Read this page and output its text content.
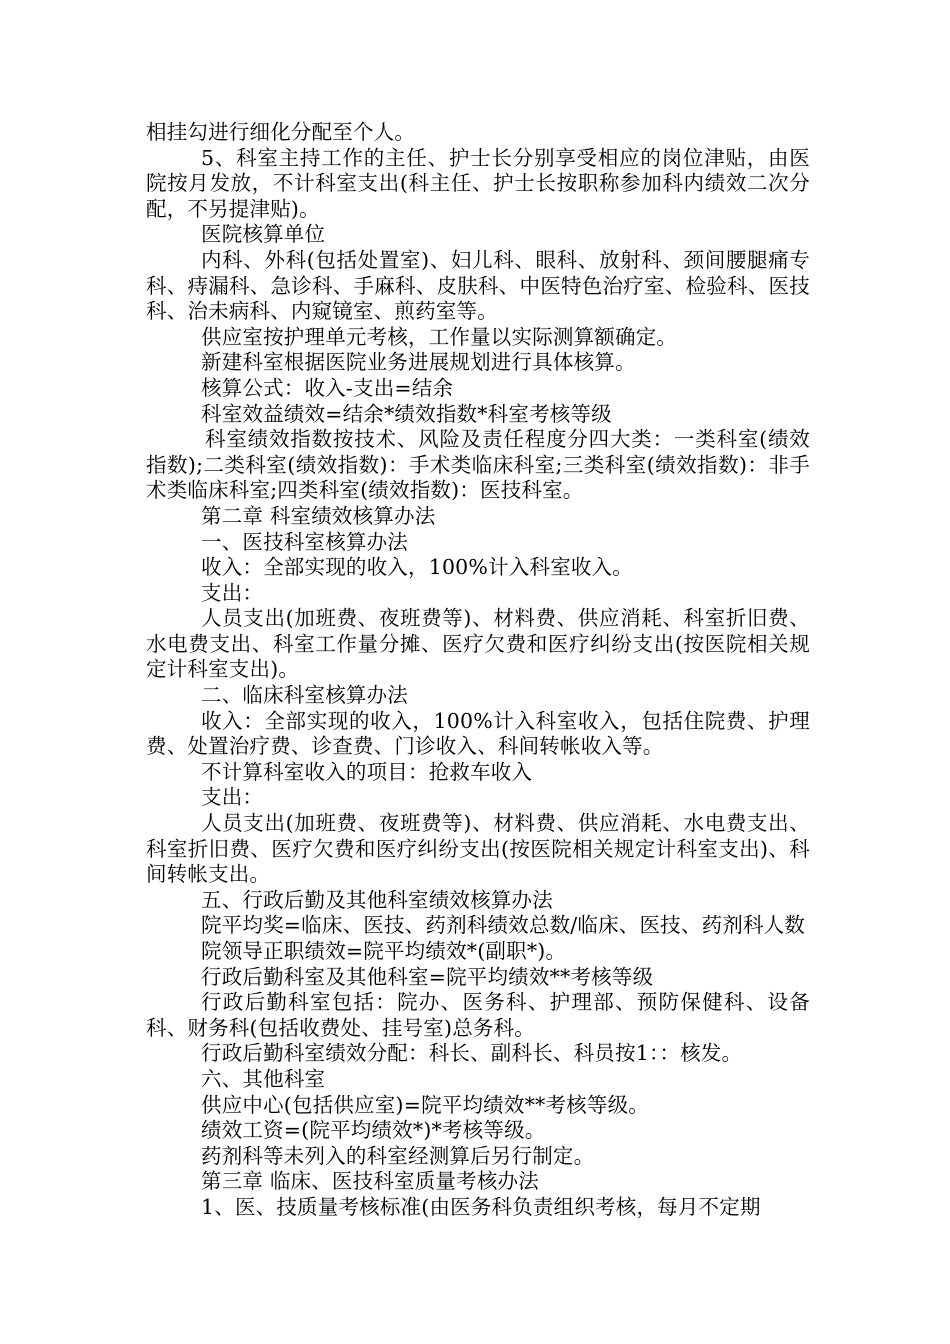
相挂勾进行细化分配至个人。

5、科室主持工作的主任、护士长分别享受相应的岗位津贴，由医院按月发放，不计科室支出(科主任、护士长按职称参加科内绩效二次分配，不另提津贴)。

医院核算单位

内科、外科(包括处置室)、妇儿科、眼科、放射科、颈间腰腿痛专科、痔漏科、急诊科、手麻科、皮肤科、中医特色治疗室、检验科、医技科、治未病科、内窥镜室、煎药室等。

供应室按护理单元考核，工作量以实际测算额确定。

新建科室根据医院业务进展规划进行具体核算。

核算公式：收入-支出=结余

科室效益绩效=结余*绩效指数*科室考核等级

科室绩效指数按技术、风险及责任程度分四大类：一类科室(绩效指数);二类科室(绩效指数)：手术类临床科室;三类科室(绩效指数)：非手术类临床科室;四类科室(绩效指数)：医技科室。

第二章 科室绩效核算办法

一、医技科室核算办法

收入：全部实现的收入，100%计入科室收入。

支出：

人员支出(加班费、夜班费等)、材料费、供应消耗、科室折旧费、水电费支出、科室工作量分摊、医疗欠费和医疗纠纷支出(按医院相关规定计科室支出)。

二、临床科室核算办法

收入：全部实现的收入，100%计入科室收入，包括住院费、护理费、处置治疗费、诊查费、门诊收入、科间转帐收入等。

不计算科室收入的项目：抢救车收入

支出：

人员支出(加班费、夜班费等)、材料费、供应消耗、水电费支出、科室折旧费、医疗欠费和医疗纠纷支出(按医院相关规定计科室支出)、科间转帐支出。

五、行政后勤及其他科室绩效核算办法

院平均奖=临床、医技、药剂科绩效总数/临床、医技、药剂科人数

院领导正职绩效=院平均绩效*(副职*)。

行政后勤科室及其他科室=院平均绩效**考核等级

行政后勤科室包括：院办、医务科、护理部、预防保健科、设备科、财务科(包括收费处、挂号室)总务科。

行政后勤科室绩效分配：科长、副科长、科员按1：：核发。

六、其他科室

供应中心(包括供应室)=院平均绩效**考核等级。

绩效工资=(院平均绩效*)*考核等级。

药剂科等未列入的科室经测算后另行制定。

第三章 临床、医技科室质量考核办法

1、医、技质量考核标准(由医务科负责组织考核，每月不定期
